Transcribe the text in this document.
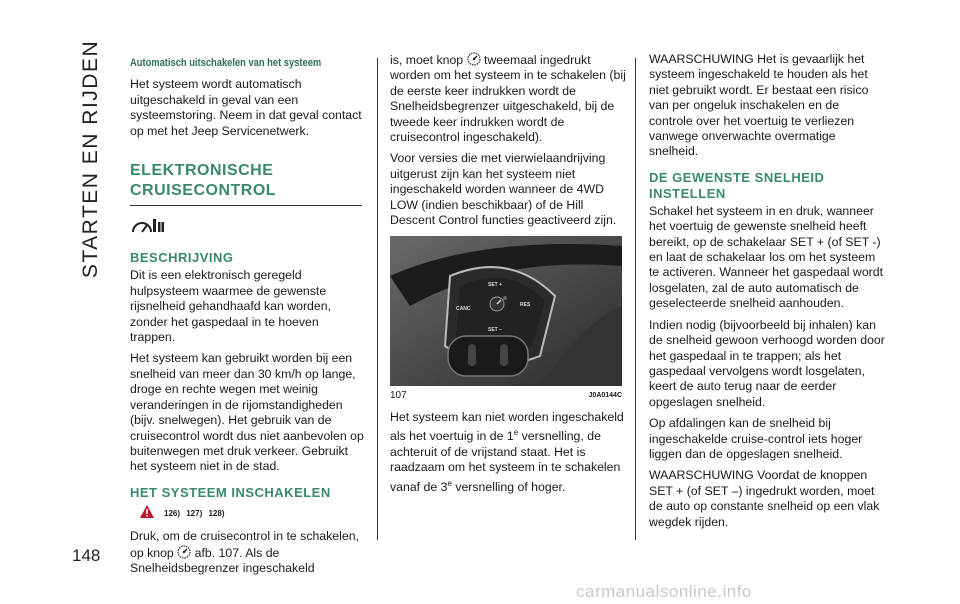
STARTEN EN RIJDEN
148
Automatisch uitschakelen van het systeem

Het systeem wordt automatisch uitgeschakeld in geval van een systeemstoring. Neem in dat geval contact op met het Jeep Servicenetwerk.

ELEKTRONISCHE CRUISECONTROL
BESCHRIJVING

Dit is een elektronisch geregeld hulpsysteem waarmee de gewenste rijsnelheid gehandhaafd kan worden, zonder het gaspedaal in te hoeven trappen.

Het systeem kan gebruikt worden bij een snelheid van meer dan 30 km/h op lange, droge en rechte wegen met weinig veranderingen in de rijomstandigheden (bijv. snelwegen). Het gebruik van de cruisecontrol wordt dus niet aanbevolen op buitenwegen met druk verkeer. Gebruikt het systeem niet in de stad.

HET SYSTEEM INSCHAKELEN
126) 127) 128)

Druk, om de cruisecontrol in te schakelen, op knop afb. 107. Als de Snelheidsbegrenzer ingeschakeld

is, moet knop tweemaal ingedrukt worden om het systeem in te schakelen (bij de eerste keer indrukken wordt de Snelheidsbegrenzer uitgeschakeld, bij de tweede keer indrukken wordt de cruisecontrol ingeschakeld).

Voor versies die met vierwielaandrijving uitgerust zijn kan het systeem niet ingeschakeld worden wanneer de 4WD LOW (indien beschikbaar) of de Hill Descent Control functies geactiveerd zijn.

SET +
CANC
RES
SET –
107	J0A0144C

Het systeem kan niet worden ingeschakeld als het voertuig in de 1e versnelling, de achteruit of de vrijstand staat. Het is raadzaam om het systeem in te schakelen vanaf de 3e versnelling of hoger.

WAARSCHUWING Het is gevaarlijk het systeem ingeschakeld te houden als het niet gebruikt wordt. Er bestaat een risico van per ongeluk inschakelen en de controle over het voertuig te verliezen vanwege onverwachte overmatige snelheid.

DE GEWENSTE SNELHEID INSTELLEN

Schakel het systeem in en druk, wanneer het voertuig de gewenste snelheid heeft bereikt, op de schakelaar SET + (of SET -) en laat de schakelaar los om het systeem te activeren. Wanneer het gaspedaal wordt losgelaten, zal de auto automatisch de geselecteerde snelheid aanhouden.

Indien nodig (bijvoorbeeld bij inhalen) kan de snelheid gewoon verhoogd worden door het gaspedaal in te trappen; als het gaspedaal vervolgens wordt losgelaten, keert de auto terug naar de eerder opgeslagen snelheid.

Op afdalingen kan de snelheid bij ingeschakelde cruise-control iets hoger liggen dan de opgeslagen snelheid.

WAARSCHUWING Voordat de knoppen SET + (of SET –) ingedrukt worden, moet de auto op constante snelheid op een vlak wegdek rijden.

carmanualsonline.info
